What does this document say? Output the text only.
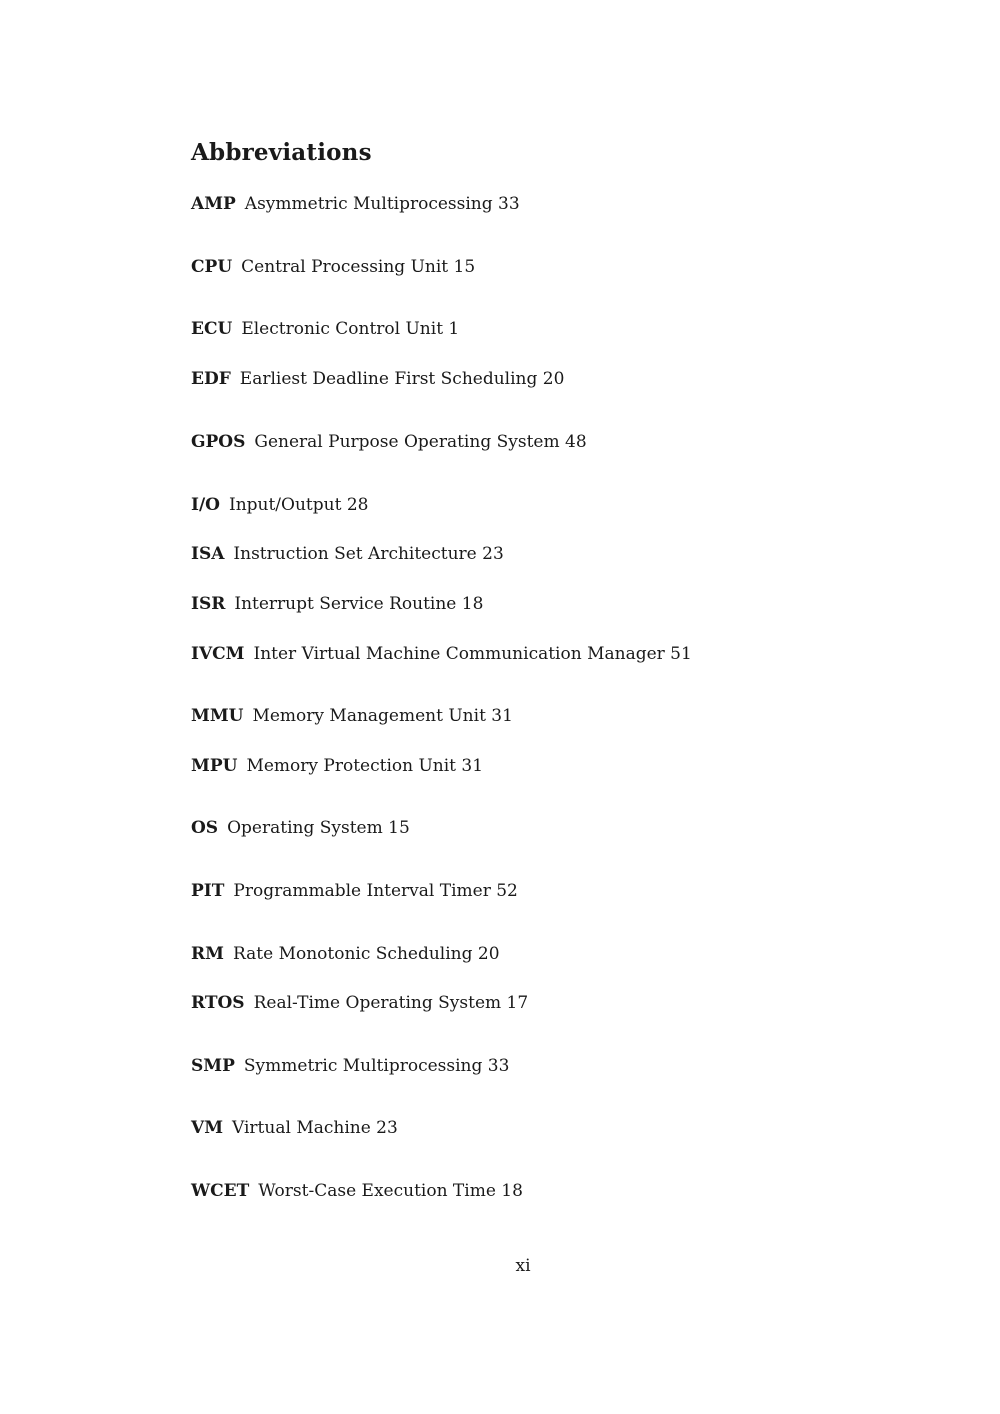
Abbreviations
AMP Asymmetric Multiprocessing 33
CPU Central Processing Unit 15
ECU Electronic Control Unit 1
EDF Earliest Deadline First Scheduling 20
GPOS General Purpose Operating System 48
I/O Input/Output 28
ISA Instruction Set Architecture 23
ISR Interrupt Service Routine 18
IVCM Inter Virtual Machine Communication Manager 51
MMU Memory Management Unit 31
MPU Memory Protection Unit 31
OS Operating System 15
PIT Programmable Interval Timer 52
RM Rate Monotonic Scheduling 20
RTOS Real-Time Operating System 17
SMP Symmetric Multiprocessing 33
VM Virtual Machine 23
WCET Worst-Case Execution Time 18
xi
